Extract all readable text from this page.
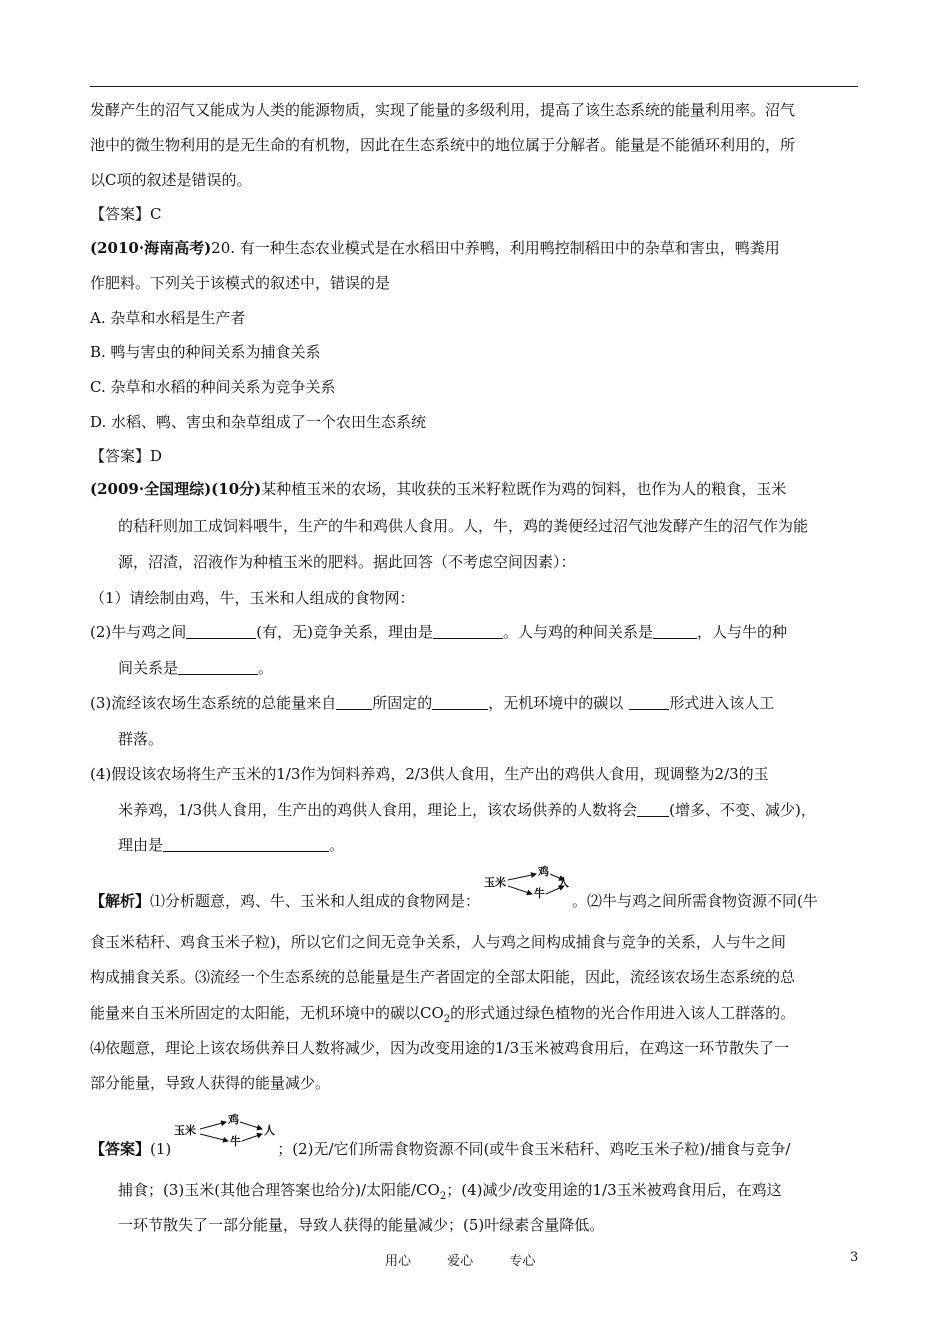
发酵产生的沼气又能成为人类的能源物质，实现了能量的多级利用，提高了该生态系统的能量利用率。沼气
池中的微生物利用的是无生命的有机物，因此在生态系统中的地位属于分解者。能量是不能循环利用的，所
以C项的叙述是错误的。
【答案】C
(2010·海南高考)20. 有一种生态农业模式是在水稻田中养鸭，利用鸭控制稻田中的杂草和害虫，鸭粪用
作肥料。下列关于该模式的叙述中，错误的是
A. 杂草和水稻是生产者
B. 鸭与害虫的种间关系为捕食关系
C. 杂草和水稻的种间关系为竞争关系
D. 水稻、鸭、害虫和杂草组成了一个农田生态系统
【答案】D
(2009·全国理综)(10分)某种植玉米的农场，其收获的玉米籽粒既作为鸡的饲料，也作为人的粮食，玉米
的秸秆则加工成饲料喂牛，生产的牛和鸡供人食用。人，牛，鸡的粪便经过沼气池发酵产生的沼气作为能
源，沼渣，沼液作为种植玉米的肥料。据此回答（不考虑空间因素）：
（1）请绘制由鸡，牛，玉米和人组成的食物网：
(2)牛与鸡之间	(有，无)竞争关系，理由是	。人与鸡的种间关系是	，人与牛的种
间关系是	。
(3)流经该农场生态系统的总能量来自 所固定的	，无机环境中的碳以	形式进入该人工
群落。
(4)假设该农场将生产玉米的1/3作为饲料养鸡，2/3供人食用，生产出的鸡供人食用，现调整为2/3的玉
米养鸡，1/3供人食用，生产出的鸡供人食用，理论上，该农场供养的人数将会 (增多、不变、减少)，
理由是	。
【解析】⑴分析题意，鸡、牛、玉米和人组成的食物网是：	。⑵牛与鸡之间所需食物资源不同(牛
玉米
鸡
牛
人
食玉米秸秆、鸡食玉米子粒)，所以它们之间无竞争关系，人与鸡之间构成捕食与竞争的关系，人与牛之间
构成捕食关系。⑶流经一个生态系统的总能量是生产者固定的全部太阳能，因此，流经该农场生态系统的总
能量来自玉米所固定的太阳能，无机环境中的碳以$CO_2$的形式通过绿色植物的光合作用进入该人工群落的。
⑷依题意，理论上该农场供养日人数将减少，因为改变用途的1/3玉米被鸡食用后，在鸡这一环节散失了一
部分能量，导致人获得的能量减少。
【答案】(1)	；(2)无/它们所需食物资源不同(或牛食玉米秸秆、鸡吃玉米子粒)/捕食与竞争/
玉米
鸡
牛
人
捕食；(3)玉米(其他合理答案也给分)/太阳能$/CO_2$；(4)减少/改变用途的1/3玉米被鸡食用后，在鸡这
一环节散失了一部分能量，导致人获得的能量减少；(5)叶绿素含量降低。
用心	爱心	专心	3
